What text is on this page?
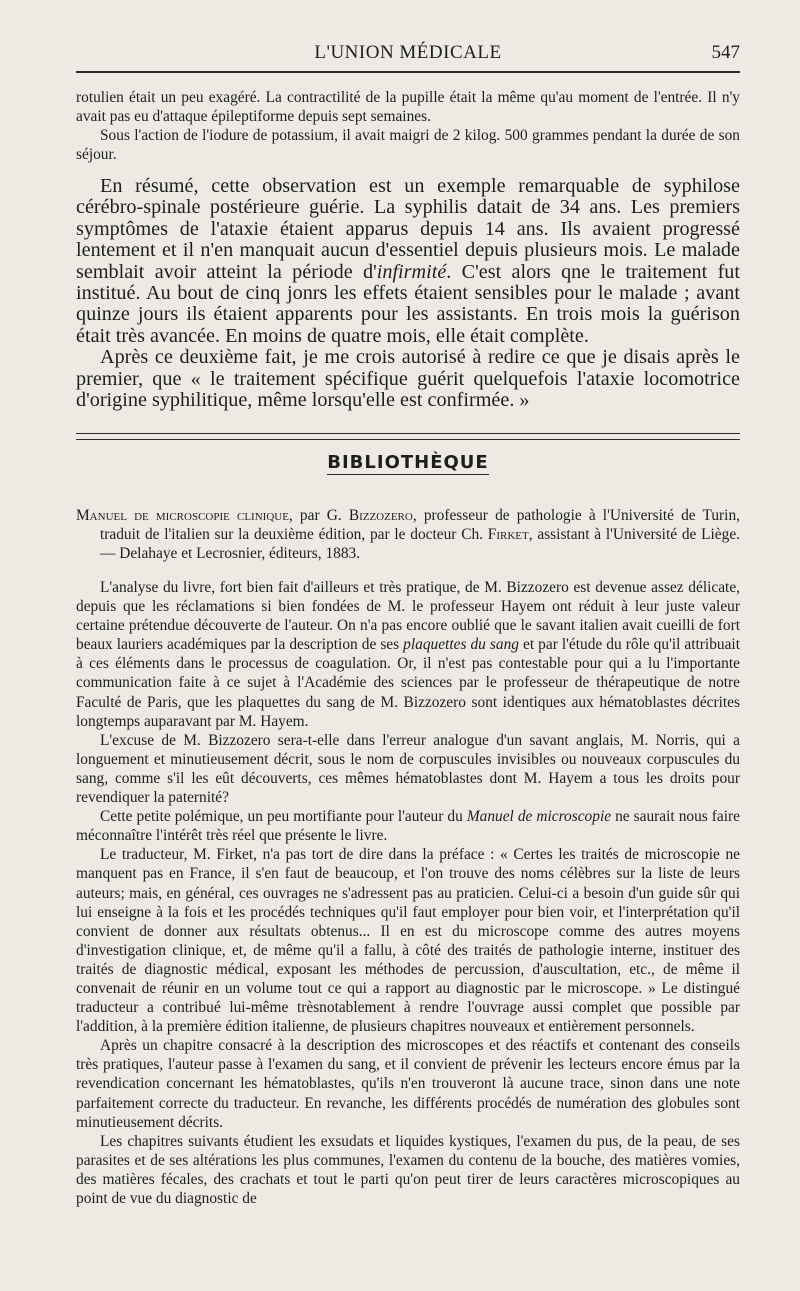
L'UNION MÉDICALE	547

rotulien était un peu exagéré. La contractilité de la pupille était la même qu'au moment de l'entrée. Il n'y avait pas eu d'attaque épileptiforme depuis sept semaines.

Sous l'action de l'iodure de potassium, il avait maigri de 2 kilog. 500 grammes pendant la durée de son séjour.

En résumé, cette observation est un exemple remarquable de syphilose cérébro-spinale postérieure guérie. La syphilis datait de 34 ans. Les premiers symptômes de l'ataxie étaient apparus depuis 14 ans. Ils avaient progressé lentement et il n'en manquait aucun d'essentiel depuis plusieurs mois. Le malade semblait avoir atteint la période d'infirmité. C'est alors qne le traitement fut institué. Au bout de cinq jonrs les effets étaient sensibles pour le malade ; avant quinze jours ils étaient apparents pour les assistants. En trois mois la guérison était très avancée. En moins de quatre mois, elle était complète.

Après ce deuxième fait, je me crois autorisé à redire ce que je disais après le premier, que « le traitement spécifique guérit quelquefois l'ataxie locomotrice d'origine syphilitique, même lorsqu'elle est confirmée. »

BIBLIOTHÈQUE

Manuel de microscopie clinique, par G. Bizzozero, professeur de pathologie à l'Université de Turin, traduit de l'italien sur la deuxième édition, par le docteur Ch. Firket, assistant à l'Université de Liège. — Delahaye et Lecrosnier, éditeurs, 1883.

L'analyse du livre, fort bien fait d'ailleurs et très pratique, de M. Bizzozero est devenue assez délicate, depuis que les réclamations si bien fondées de M. le professeur Hayem ont réduit à leur juste valeur certaine prétendue découverte de l'auteur. On n'a pas encore oublié que le savant italien avait cueilli de fort beaux lauriers académiques par la description de ses plaquettes du sang et par l'étude du rôle qu'il attribuait à ces éléments dans le processus de coagulation. Or, il n'est pas contestable pour qui a lu l'importante communication faite à ce sujet à l'Académie des sciences par le professeur de thérapeutique de notre Faculté de Paris, que les plaquettes du sang de M. Bizzozero sont identiques aux hématoblastes décrites longtemps auparavant par M. Hayem.

L'excuse de M. Bizzozero sera-t-elle dans l'erreur analogue d'un savant anglais, M. Norris, qui a longuement et minutieusement décrit, sous le nom de corpuscules invisibles ou nouveaux corpuscules du sang, comme s'il les eût découverts, ces mêmes hématoblastes dont M. Hayem a tous les droits pour revendiquer la paternité?

Cette petite polémique, un peu mortifiante pour l'auteur du Manuel de microscopie ne saurait nous faire méconnaître l'intérêt très réel que présente le livre.

Le traducteur, M. Firket, n'a pas tort de dire dans la préface : « Certes les traités de microscopie ne manquent pas en France, il s'en faut de beaucoup, et l'on trouve des noms célèbres sur la liste de leurs auteurs; mais, en général, ces ouvrages ne s'adressent pas au praticien. Celui-ci a besoin d'un guide sûr qui lui enseigne à la fois et les procédés techniques qu'il faut employer pour bien voir, et l'interprétation qu'il convient de donner aux résultats obtenus... Il en est du microscope comme des autres moyens d'investigation clinique, et, de même qu'il a fallu, à côté des traités de pathologie interne, instituer des traités de diagnostic médical, exposant les méthodes de percussion, d'auscultation, etc., de même il convenait de réunir en un volume tout ce qui a rapport au diagnostic par le microscope. » Le distingué traducteur a contribué lui-même trèsnotablement à rendre l'ouvrage aussi complet que possible par l'addition, à la première édition italienne, de plusieurs chapitres nouveaux et entièrement personnels.

Après un chapitre consacré à la description des microscopes et des réactifs et contenant des conseils très pratiques, l'auteur passe à l'examen du sang, et il convient de prévenir les lecteurs encore émus par la revendication concernant les hématoblastes, qu'ils n'en trouveront là aucune trace, sinon dans une note parfaitement correcte du traducteur. En revanche, les différents procédés de numération des globules sont minutieusement décrits.

Les chapitres suivants étudient les exsudats et liquides kystiques, l'examen du pus, de la peau, de ses parasites et de ses altérations les plus communes, l'examen du contenu de la bouche, des matières vomies, des matières fécales, des crachats et tout le parti qu'on peut tirer de leurs caractères microscopiques au point de vue du diagnostic de
